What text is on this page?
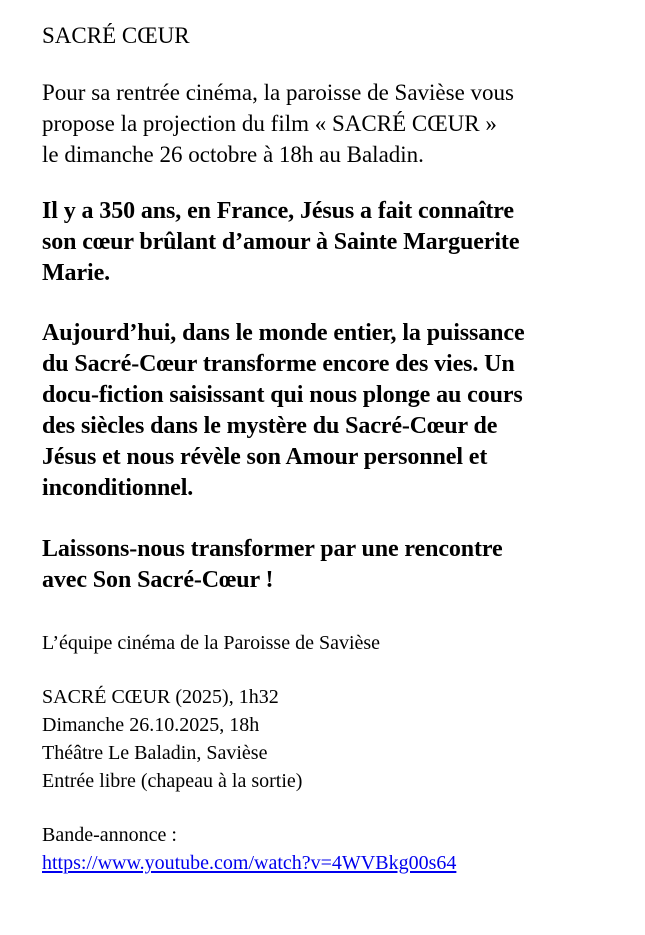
SACRÉ CŒUR
Pour sa rentrée cinéma, la paroisse de Savièse vous
propose la projection du film « SACRÉ CŒUR »
le dimanche 26 octobre à 18h au Baladin.
Il y a 350 ans, en France, Jésus a fait connaître
son cœur brûlant d’amour à Sainte Marguerite
Marie.
Aujourd’hui, dans le monde entier, la puissance
du Sacré-Cœur transforme encore des vies. Un
docu-fiction saisissant qui nous plonge au cours
des siècles dans le mystère du Sacré-Cœur de
Jésus et nous révèle son Amour personnel et
inconditionnel.
Laissons-nous transformer par une rencontre
avec Son Sacré-Cœur !
L’équipe cinéma de la Paroisse de Savièse
SACRÉ CŒUR (2025), 1h32
Dimanche 26.10.2025, 18h
Théâtre Le Baladin, Savièse
Entrée libre (chapeau à la sortie)
Bande-annonce :
https://www.youtube.com/watch?v=4WVBkg00s64
